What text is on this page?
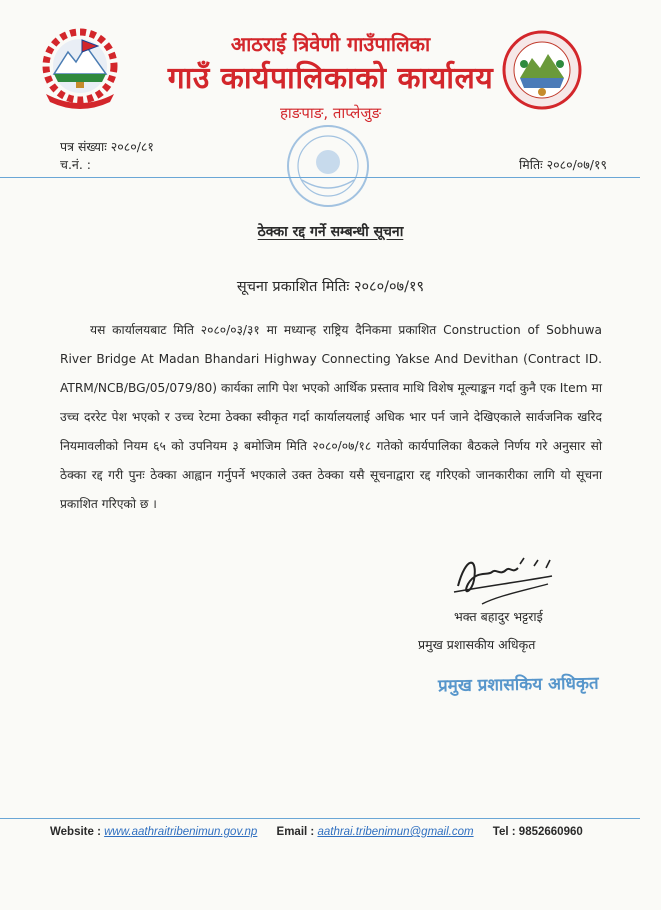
आठराई त्रिवेणी गाउँपालिका
गाउँ कार्यपालिकाको कार्यालय
हाङपाङ, ताप्लेजुङ
पत्र संख्याः २०८०/८१
च.नं. :	मितिः २०८०/०७/१९
ठेक्का रद्द गर्ने सम्बन्धी सूचना
सूचना प्रकाशित मितिः २०८०/०७/१९

यस कार्यालयबाट मिति २०८०/०३/३१ मा मध्यान्ह राष्ट्रिय दैनिकमा प्रकाशित Construction of Sobhuwa River Bridge At Madan Bhandari Highway Connecting Yakse And Devithan (Contract ID. ATRM/NCB/BG/05/079/80) कार्यका लागि पेश भएको आर्थिक प्रस्ताव माथि विशेष मूल्याङ्कन गर्दा कुनै एक Item मा उच्च दररेट पेश भएको र उच्च रेटमा ठेक्का स्वीकृत गर्दा कार्यालयलाई अधिक भार पर्न जाने देखिएकाले सार्वजनिक खरिद नियमावलीको नियम ६५ को उपनियम ३ बमोजिम मिति २०८०/०७/१८ गतेको कार्यपालिका बैठकले निर्णय गरे अनुसार सो ठेक्का रद्द गरी पुनः ठेक्का आह्वान गर्नुपर्ने भएकाले उक्त ठेक्का यसै सूचनाद्वारा रद्द गरिएको जानकारीका लागि यो सूचना प्रकाशित गरिएको छ ।

भक्त बहादुर भट्टराई
प्रमुख प्रशासकीय अधिकृत
प्रमुख प्रशासकिय अधिकृत
Website : www.aathraitribenimun.gov.np Email : aathrai.tribenimun@gmail.com Tel : 9852660960
